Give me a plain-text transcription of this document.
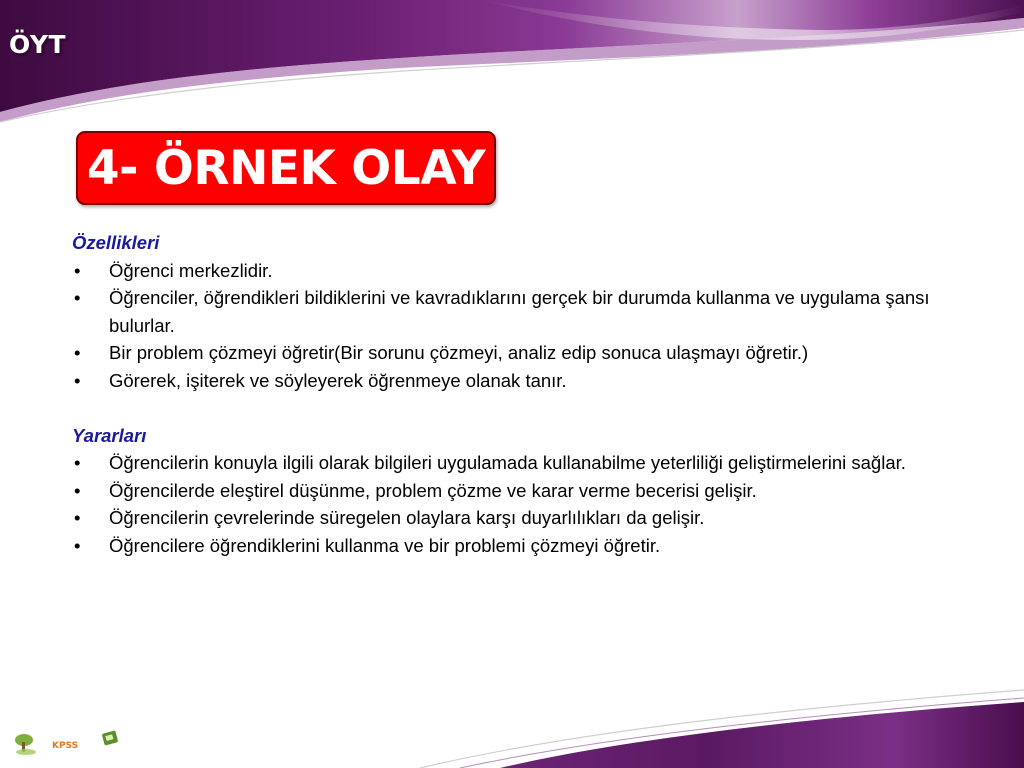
ÖYT
4- ÖRNEK OLAY
Özellikleri
•	Öğrenci merkezlidir.
•	Öğrenciler, öğrendikleri bildiklerini ve kavradıklarını gerçek bir durumda kullanma ve uygulama şansı bulurlar.
•	Bir problem çözmeyi öğretir(Bir sorunu çözmeyi, analiz edip sonuca ulaşmayı öğretir.)
•	Görerek, işiterek ve söyleyerek öğrenmeye olanak tanır.
Yararları
•	Öğrencilerin konuyla ilgili olarak bilgileri uygulamada kullanabilme yeterliliği geliştirmelerini sağlar.
•	Öğrencilerde eleştirel düşünme, problem çözme ve karar verme becerisi gelişir.
•	Öğrencilerin çevrelerinde süregelen olaylara karşı duyarlılıkları da gelişir.
•	Öğrencilere öğrendiklerini kullanma ve bir problemi çözmeyi öğretir.
KPSS
